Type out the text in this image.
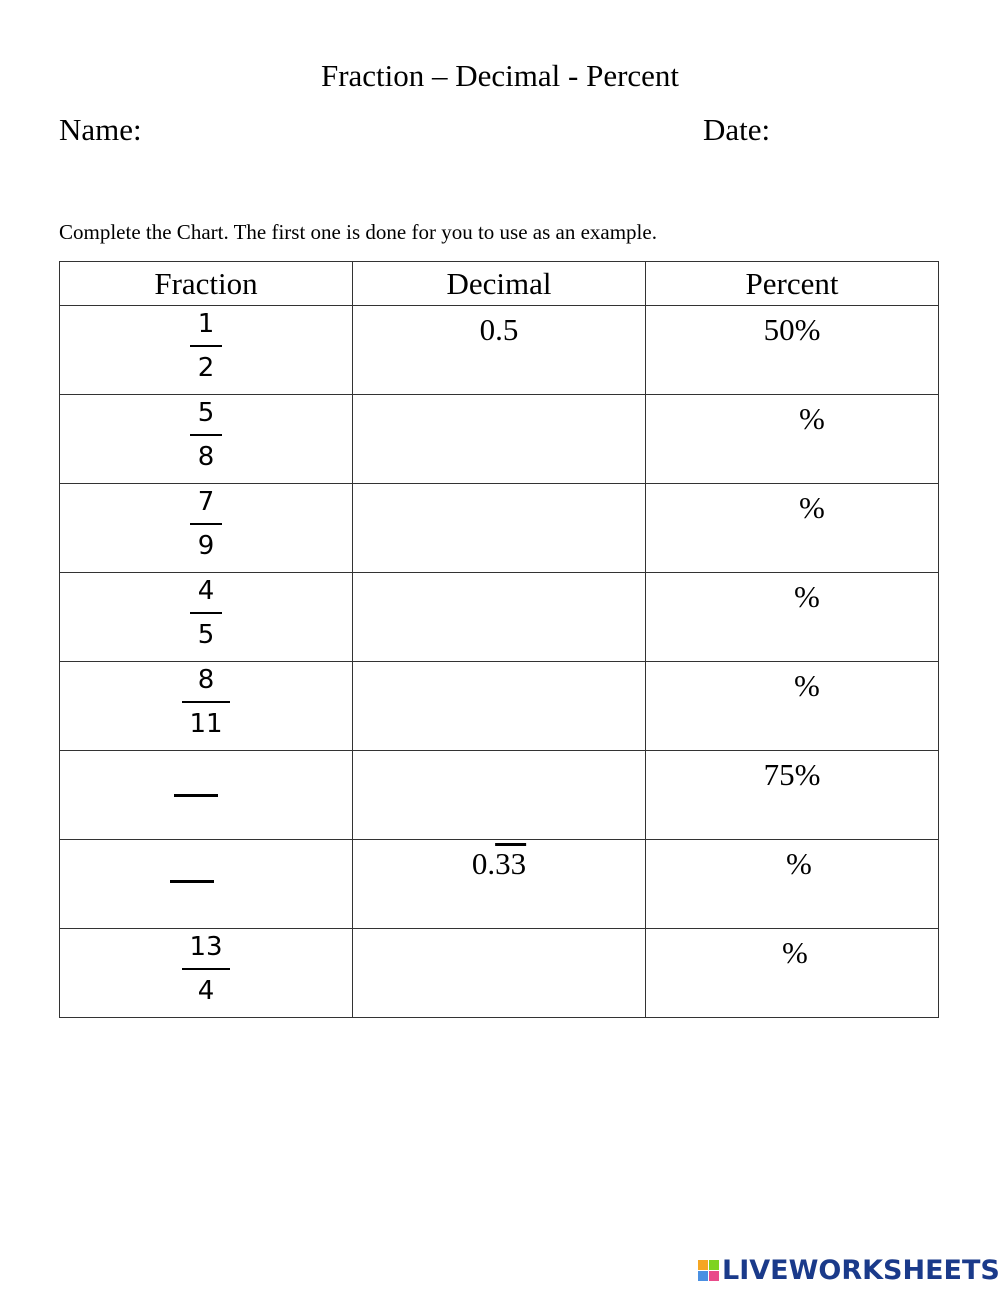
Fraction – Decimal - Percent
Name:	Date:
Complete the Chart. The first one is done for you to use as an example.
Fraction	Decimal	Percent

1
2	0.5	50%

5
8		%

7
9		%

4
5		%

8
11		%

		75%

	0.33	%

13
4		%
LIVEWORKSHEETS
